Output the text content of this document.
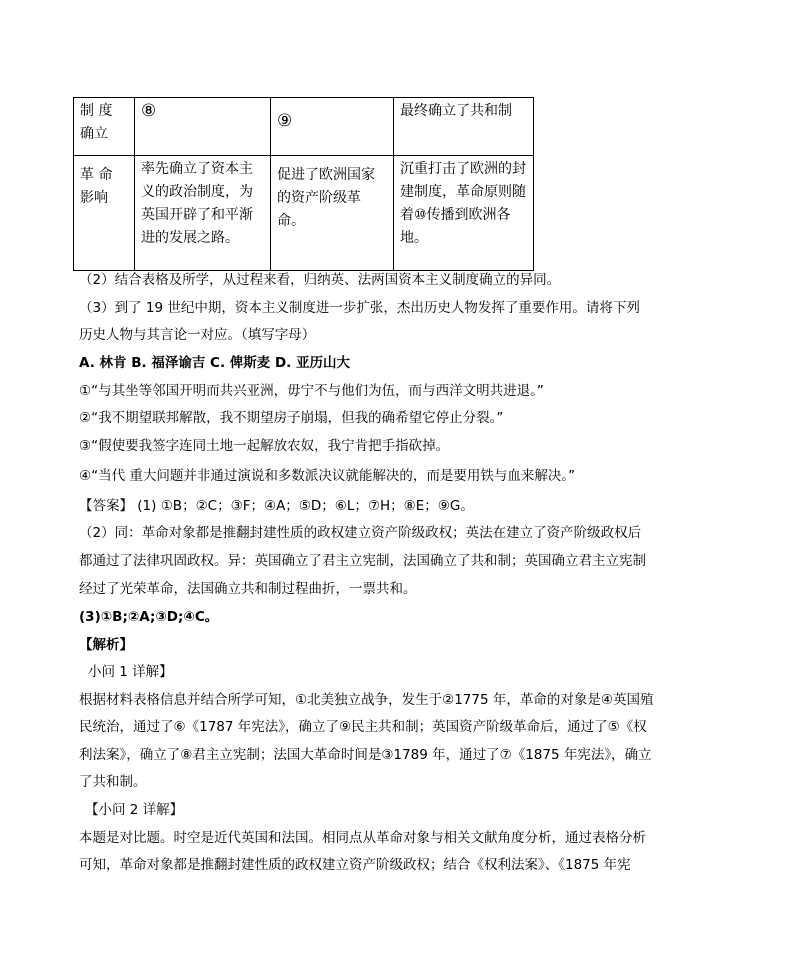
制 度
确立	⑧	⑨	最终确立了共和制
革 命
影响	率先确立了资本主义的政治制度，为英国开辟了和平渐进的发展之路。	促进了欧洲国家的资产阶级革命。	沉重打击了欧洲的封建制度，革命原则随着⑩传播到欧洲各地。
（2）结合表格及所学，从过程来看，归纳英、法两国资本主义制度确立的异同。
（3）到了 19 世纪中期，资本主义制度进一步扩张，杰出历史人物发挥了重要作用。请将下列
历史人物与其言论一对应。（填写字母）
A. 林肯 B. 福泽谕吉 C. 俾斯麦 D. 亚历山大
①“与其坐等邻国开明而共兴亚洲，毋宁不与他们为伍，而与西洋文明共进退。”
②“我不期望联邦解散，我不期望房子崩塌，但我的确希望它停止分裂。”
③“假使要我签字连同土地一起解放农奴，我宁肯把手指砍掉。
④“当代 重大问题并非通过演说和多数派决议就能解决的，而是要用铁与血来解决。”
【答案】 (1) ①B；②C；③F；④A；⑤D；⑥L；⑦H；⑧E；⑨G。
（2）同：革命对象都是推翻封建性质的政权建立资产阶级政权；英法在建立了资产阶级政权后
都通过了法律巩固政权。异：英国确立了君主立宪制，法国确立了共和制；英国确立君主立宪制
经过了光荣革命，法国确立共和制过程曲折，一票共和。
(3)①B;②A;③D;④C。
【解析】
小问 1 详解】
根据材料表格信息并结合所学可知，①北美独立战争，发生于②1775 年，革命的对象是④英国殖
民统治，通过了⑥《1787 年宪法》，确立了⑨民主共和制；英国资产阶级革命后，通过了⑤《权
利法案》，确立了⑧君主立宪制；法国大革命时间是③1789 年，通过了⑦《1875 年宪法》，确立
了共和制。
【小问 2 详解】
本题是对比题。时空是近代英国和法国。相同点从革命对象与相关文献角度分析，通过表格分析
可知，革命对象都是推翻封建性质的政权建立资产阶级政权；结合《权利法案》、《1875 年宪
